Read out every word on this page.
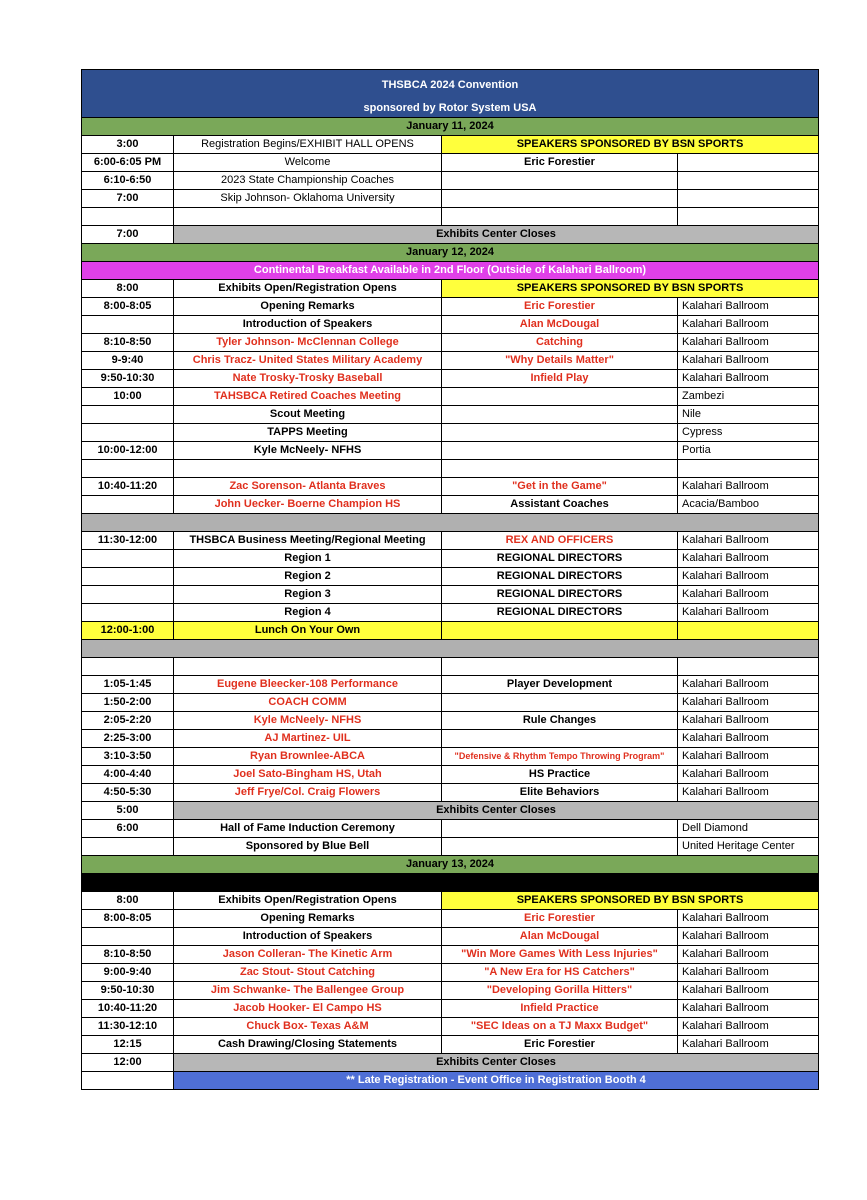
THSBCA 2024 Convention			
sponsored by Rotor System USA			
January 11, 2024			
3:00	Registration Begins/EXHIBIT HALL OPENS	SPEAKERS SPONSORED BY BSN SPORTS	
6:00-6:05 PM	Welcome	Eric Forestier	
6:10-6:50	2023 State Championship Coaches		
7:00	Skip Johnson- Oklahoma University		

7:00	Exhibits Center Closes		
January 12, 2024			
Continental Breakfast Available in 2nd Floor (Outside of Kalahari Ballroom)			
8:00	Exhibits Open/Registration Opens	SPEAKERS SPONSORED BY BSN SPORTS	
8:00-8:05	Opening Remarks	Eric Forestier	Kalahari Ballroom
	Introduction of Speakers	Alan McDougal	Kalahari Ballroom
8:10-8:50	Tyler Johnson- McClennan College	Catching	Kalahari Ballroom
9-9:40	Chris Tracz- United States Military Academy	"Why Details Matter"	Kalahari Ballroom
9:50-10:30	Nate Trosky-Trosky Baseball	Infield Play	Kalahari Ballroom
10:00	TAHSBCA Retired Coaches Meeting		Zambezi
	Scout Meeting		Nile
	TAPPS Meeting		Cypress
10:00-12:00	Kyle McNeely- NFHS		Portia

10:40-11:20	Zac Sorenson- Atlanta Braves	"Get in the Game"	Kalahari Ballroom
	John Uecker- Boerne Champion HS	Assistant Coaches	Acacia/Bamboo

11:30-12:00	THSBCA Business Meeting/Regional Meeting	REX AND OFFICERS	Kalahari Ballroom
	Region 1	REGIONAL DIRECTORS	Kalahari Ballroom
	Region 2	REGIONAL DIRECTORS	Kalahari Ballroom
	Region 3	REGIONAL DIRECTORS	Kalahari Ballroom
	Region 4	REGIONAL DIRECTORS	Kalahari Ballroom
12:00-1:00	Lunch On Your Own		

1:05-1:45	Eugene Bleecker-108 Performance	Player Development	Kalahari Ballroom
1:50-2:00	COACH COMM		Kalahari Ballroom
2:05-2:20	Kyle McNeely- NFHS	Rule Changes	Kalahari Ballroom
2:25-3:00	AJ Martinez- UIL		Kalahari Ballroom
3:10-3:50	Ryan Brownlee-ABCA	"Defensive & Rhythm Tempo Throwing Program"	Kalahari Ballroom
4:00-4:40	Joel Sato-Bingham HS, Utah	HS Practice	Kalahari Ballroom
4:50-5:30	Jeff Frye/Col. Craig Flowers	Elite Behaviors	Kalahari Ballroom
5:00	Exhibits Center Closes		
6:00	Hall of Fame Induction Ceremony		Dell Diamond
	Sponsored by Blue Bell		United Heritage Center
January 13, 2024			

8:00	Exhibits Open/Registration Opens	SPEAKERS SPONSORED BY BSN SPORTS	
8:00-8:05	Opening Remarks	Eric Forestier	Kalahari Ballroom
	Introduction of Speakers	Alan McDougal	Kalahari Ballroom
8:10-8:50	Jason Colleran- The Kinetic Arm	"Win More Games With Less Injuries"	Kalahari Ballroom
9:00-9:40	Zac Stout- Stout Catching	"A New Era for HS Catchers"	Kalahari Ballroom
9:50-10:30	Jim Schwanke- The Ballengee Group	"Developing Gorilla Hitters"	Kalahari Ballroom
10:40-11:20	Jacob Hooker- El Campo HS	Infield Practice	Kalahari Ballroom
11:30-12:10	Chuck Box- Texas A&M	"SEC Ideas on a TJ Maxx Budget"	Kalahari Ballroom
12:15	Cash Drawing/Closing Statements	Eric Forestier	Kalahari Ballroom
12:00	Exhibits Center Closes		
	** Late Registration - Event Office in Registration Booth 4		
